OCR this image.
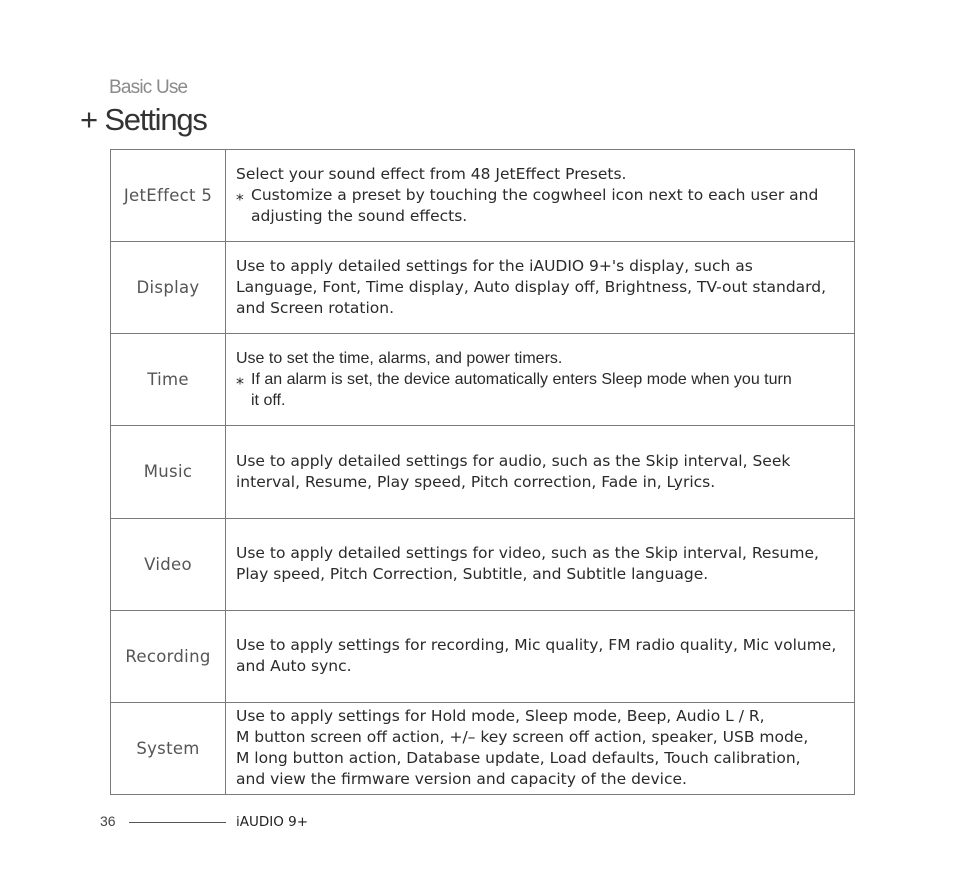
Basic Use
+ Settings
JetEffect 5	Select your sound effect from 48 JetEffect Presets.
⁎ Customize a preset by touching the cogwheel icon next to each user and
adjusting the sound effects.

Display	Use to apply detailed settings for the iAUDIO 9+'s display, such as
Language, Font, Time display, Auto display off, Brightness, TV-out standard,
and Screen rotation.

Time	Use to set the time, alarms, and power timers.
⁎ If an alarm is set, the device automatically enters Sleep mode when you turn
it off.

Music	Use to apply detailed settings for audio, such as the Skip interval, Seek
interval, Resume, Play speed, Pitch correction, Fade in, Lyrics.

Video	Use to apply detailed settings for video, such as the Skip interval, Resume,
Play speed, Pitch Correction, Subtitle, and Subtitle language.

Recording	Use to apply settings for recording, Mic quality, FM radio quality, Mic volume,
and Auto sync.

System	Use to apply settings for Hold mode, Sleep mode, Beep, Audio L / R,
M button screen off action, +/– key screen off action, speaker, USB mode,
M long button action, Database update, Load defaults, Touch calibration,
and view the firmware version and capacity of the device.
36	iAUDIO 9+
